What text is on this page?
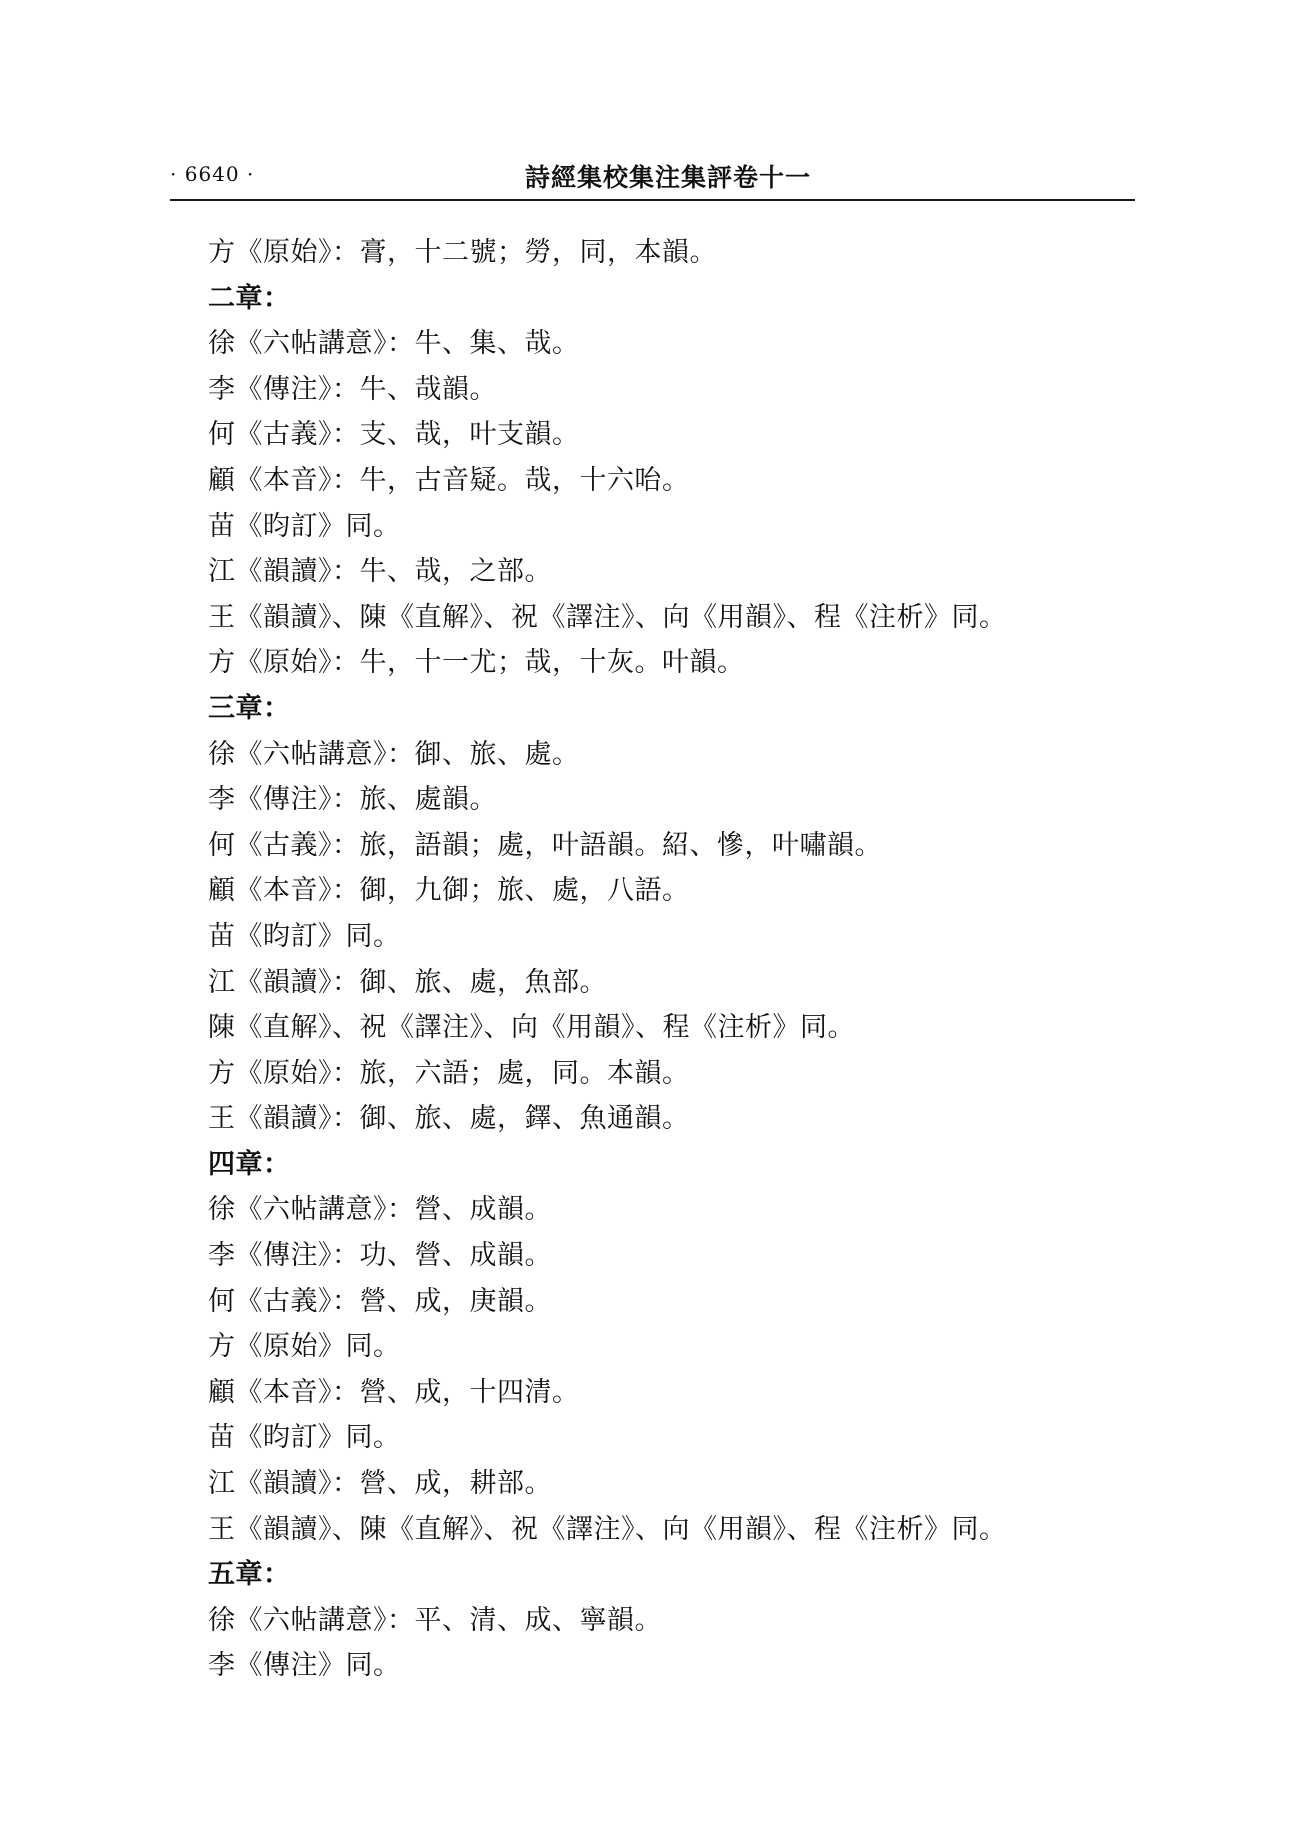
· 6640 ·	詩經集校集注集評卷十一
方《原始》：膏，十二號；勞，同，本韻。
二章：
徐《六帖講意》：牛、集、哉。
李《傳注》：牛、哉韻。
何《古義》：支、哉，叶支韻。
顧《本音》：牛，古音疑。哉，十六咍。
苗《昀訂》同。
江《韻讀》：牛、哉，之部。
王《韻讀》、陳《直解》、祝《譯注》、向《用韻》、程《注析》同。
方《原始》：牛，十一尤；哉，十灰。叶韻。
三章：
徐《六帖講意》：御、旅、處。
李《傳注》：旅、處韻。
何《古義》：旅，語韻；處，叶語韻。紹、慘，叶嘯韻。
顧《本音》：御，九御；旅、處，八語。
苗《昀訂》同。
江《韻讀》：御、旅、處，魚部。
陳《直解》、祝《譯注》、向《用韻》、程《注析》同。
方《原始》：旅，六語；處，同。本韻。
王《韻讀》：御、旅、處，鐸、魚通韻。
四章：
徐《六帖講意》：營、成韻。
李《傳注》：功、營、成韻。
何《古義》：營、成，庚韻。
方《原始》同。
顧《本音》：營、成，十四清。
苗《昀訂》同。
江《韻讀》：營、成，耕部。
王《韻讀》、陳《直解》、祝《譯注》、向《用韻》、程《注析》同。
五章：
徐《六帖講意》：平、清、成、寧韻。
李《傳注》同。
